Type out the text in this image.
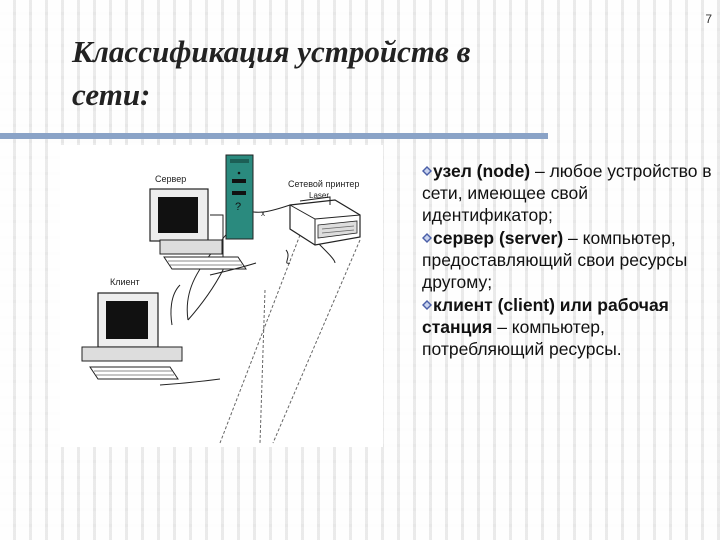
7
Классификация устройств в
сети:
Сервер
?
x
Сетевой принтер
Laser
Клиент
узел (node) – любое устройство в сети, имеющее свой идентификатор;
сервер (server) – компьютер, предоставляющий свои ресурсы другому;
клиент (client) или рабочая станция – компьютер, потребляющий ресурсы.
